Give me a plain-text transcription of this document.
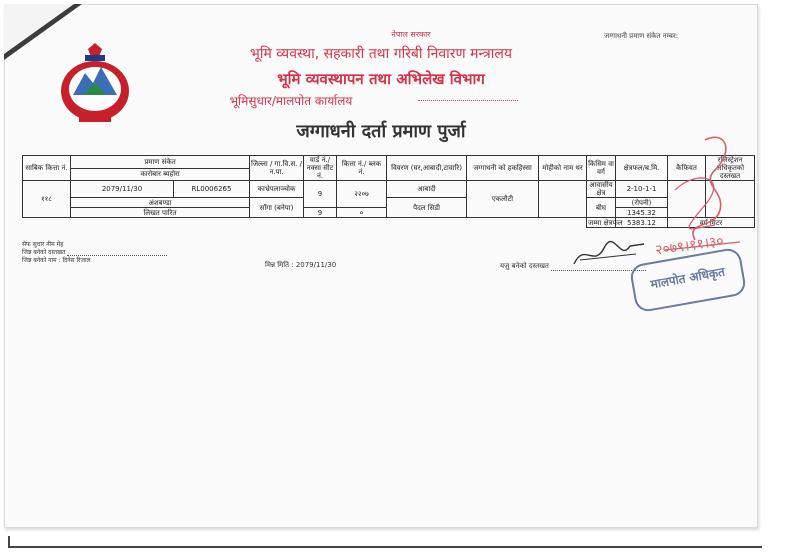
जग्गाधनी प्रमाण संकेत नम्बर:
नेपाल सरकार
भूमि व्यवस्था, सहकारी तथा गरिबी निवारण मन्त्रालय
भूमि व्यवस्थापन तथा अभिलेख विभाग
भूमिसुधार/मालपोत कार्यालय
जग्गाधनी दर्ता प्रमाण पुर्जा
साबिक कित्ता नं.	प्रमाण संकेत		जिल्ला / गा.वि.स. / न.पा.	वार्ड नं./ नक्सा सीट नं.	कित्ता नं./ ब्लक नं.	विवरण (घर,आबादी,टावारि)	जग्गाधनी को हकहिस्सा	मोहीको नाम थर	किसिम वा वर्ग	क्षेत्रफल/ब.मि.	कैफियत	रजिस्ट्रेशन अधिकृतको दस्तखत
	कारोबार ब्यहोरा											
११८	2079/11/30	RL0006265	काभ्रेपलाञ्चोक	9	२२०७	आबादी	एकलौटी		आवासीय क्षेत्र	2-10-1-1		
	अंशबण्डा		साँगा (बनेपा)			पैदल सिडी			बीघ	(रोपनी)		
	लिखत पारित			9	०					1345.32		
									जम्मा क्षेत्रफल	5383.12	वर्ग मिटर	
सेफ सुधार नीम मेह
जिन्न बनेको दस्तखत
जिन्न बनेको नाम : दिनेस रिजाल
मिन्न मिति : 2079/11/30	यजु बनेको दस्तखत
२०७९।११।३०
मालपोत अधिकृत
